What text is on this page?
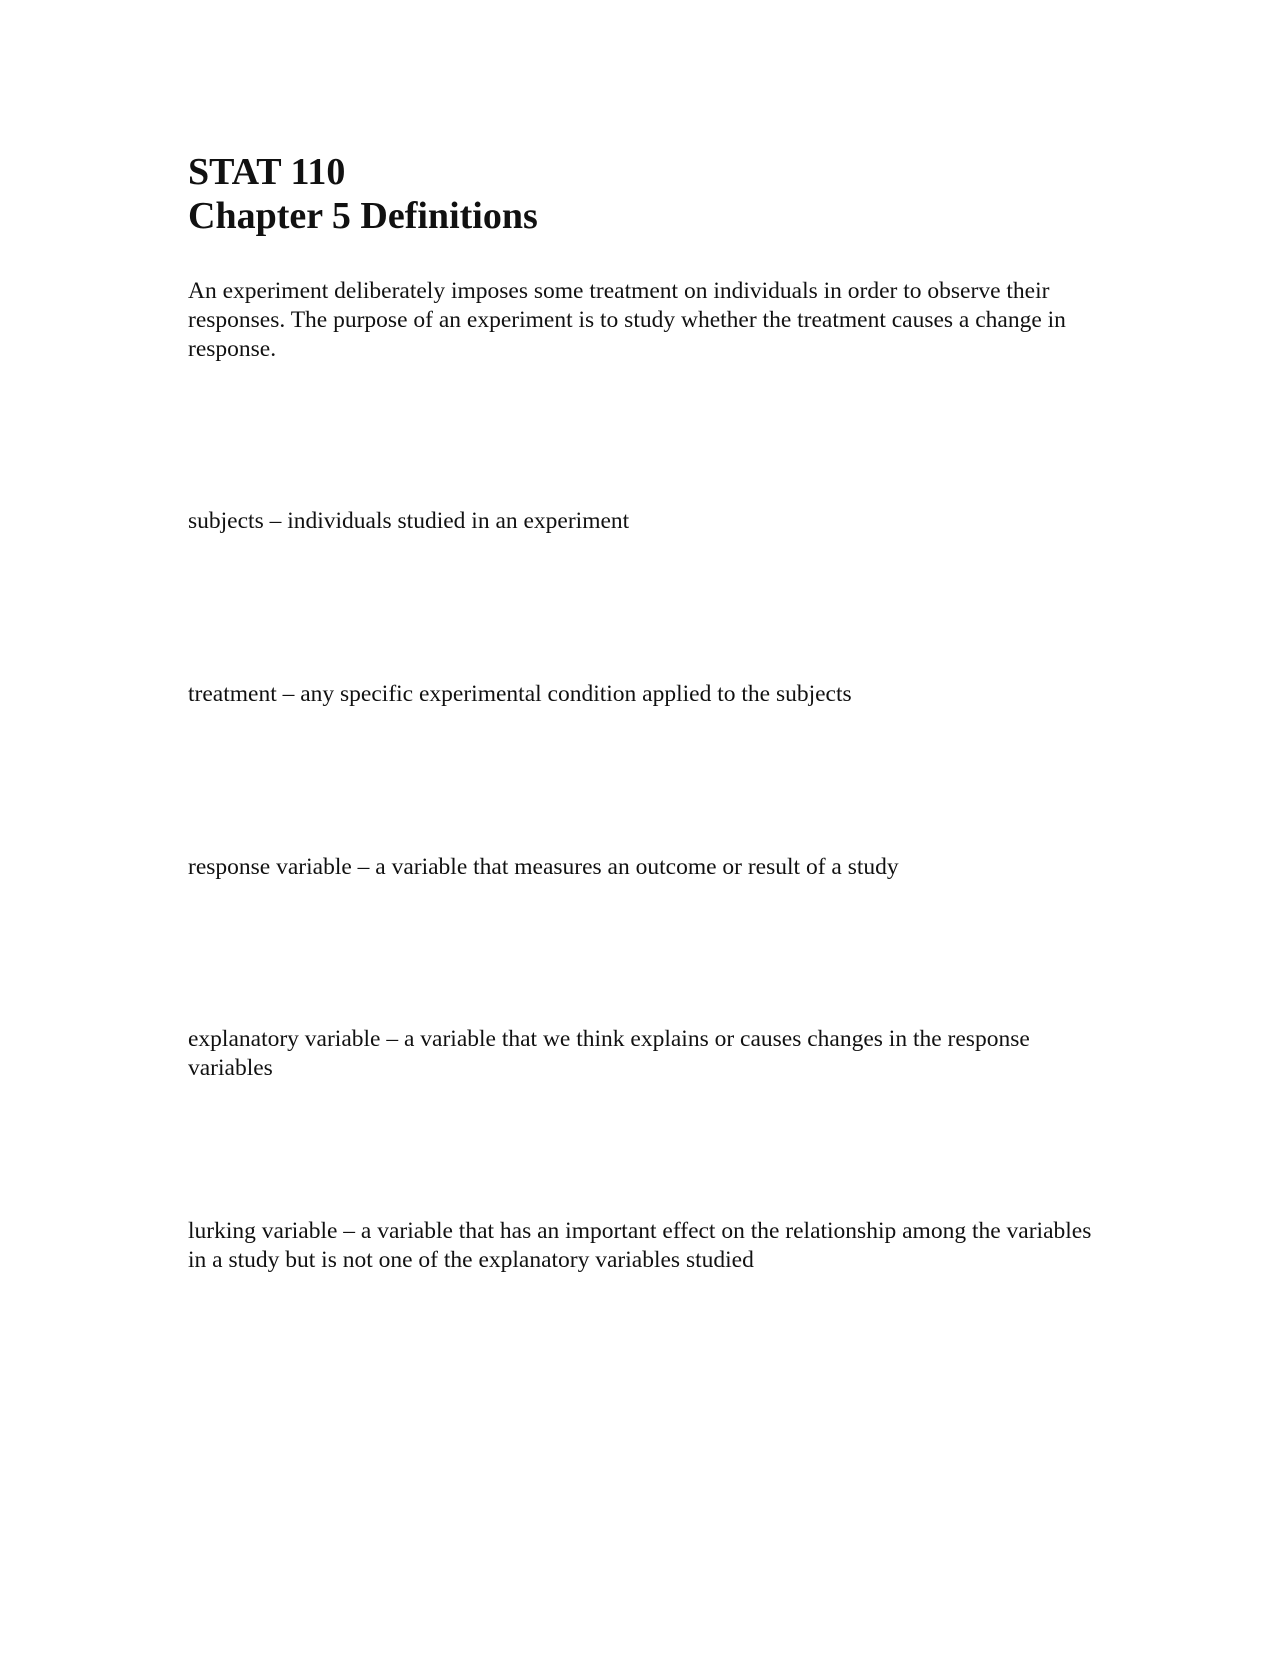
STAT 110

Chapter 5 Definitions

An experiment deliberately imposes some treatment on individuals in order to observe their responses. The purpose of an experiment is to study whether the treatment causes a change in response.

subjects – individuals studied in an experiment

treatment – any specific experimental condition applied to the subjects

response variable – a variable that measures an outcome or result of a study

explanatory variable – a variable that we think explains or causes changes in the response variables

lurking variable – a variable that has an important effect on the relationship among the variables in a study but is not one of the explanatory variables studied
